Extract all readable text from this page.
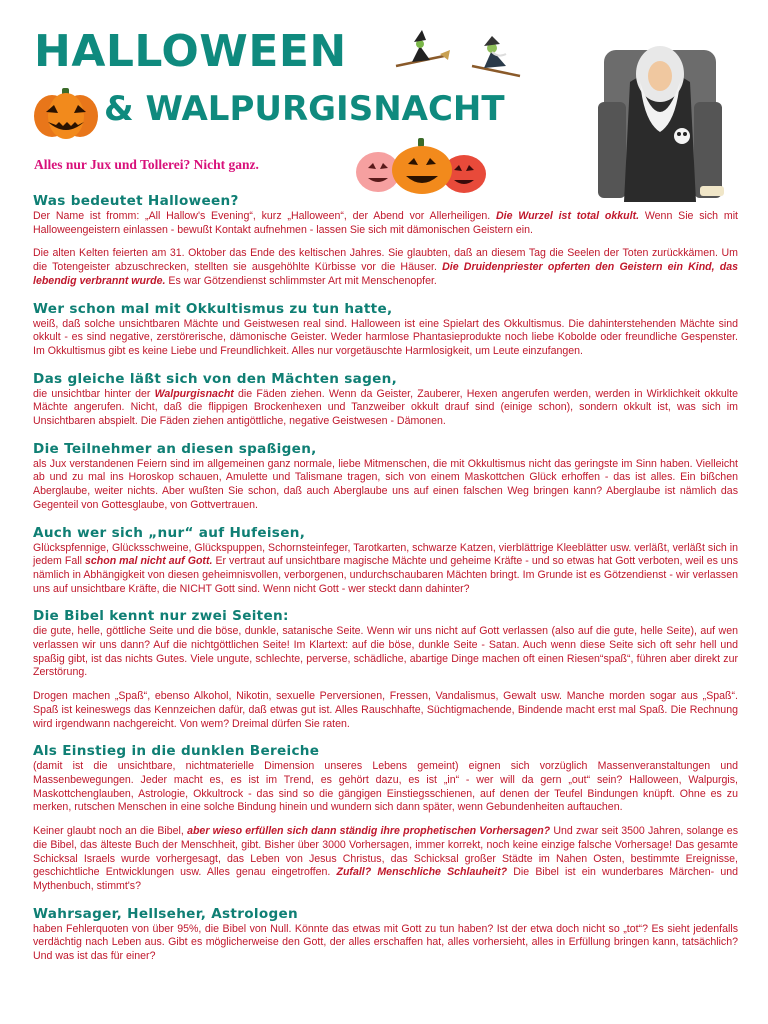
HALLOWEEN
& WALPURGISNACHT

Alles nur Jux und Tollerei? Nicht ganz.

Was bedeutet Halloween?

Der Name ist fromm: „All Hallow's Evening“, kurz „Halloween“, der Abend vor Allerheiligen. Die Wurzel ist total okkult. Wenn Sie sich mit Halloweengeistern einlassen - bewußt Kontakt aufnehmen - lassen Sie sich mit dämonischen Geistern ein.

Die alten Kelten feierten am 31. Oktober das Ende des keltischen Jahres. Sie glaubten, daß an diesem Tag die Seelen der Toten zurückkämen. Um die Totengeister abzuschrecken, stellten sie ausgehöhlte Kürbisse vor die Häuser. Die Druidenpriester opferten den Geistern ein Kind, das lebendig verbrannt wurde. Es war Götzendienst schlimmster Art mit Menschenopfer.

Wer schon mal mit Okkultismus zu tun hatte,

weiß, daß solche unsichtbaren Mächte und Geistwesen real sind. Halloween ist eine Spielart des Okkultismus. Die dahinterstehenden Mächte sind okkult - es sind negative, zerstörerische, dämonische Geister. Weder harmlose Phantasieprodukte noch liebe Kobolde oder freundliche Gespenster. Im Okkultismus gibt es keine Liebe und Freundlichkeit. Alles nur vorgetäuschte Harmlosigkeit, um Leute einzufangen.

Das gleiche läßt sich von den Mächten sagen,

die unsichtbar hinter der Walpurgisnacht die Fäden ziehen. Wenn da Geister, Zauberer, Hexen angerufen werden, werden in Wirklichkeit okkulte Mächte angerufen. Nicht, daß die flippigen Brockenhexen und Tanzweiber okkult drauf sind (einige schon), sondern okkult ist, was sich im Unsichtbaren abspielt. Die Fäden ziehen antigöttliche, negative Geistwesen - Dämonen.

Die Teilnehmer an diesen spaßigen,

als Jux verstandenen Feiern sind im allgemeinen ganz normale, liebe Mitmenschen, die mit Okkultismus nicht das geringste im Sinn haben. Vielleicht ab und zu mal ins Horoskop schauen, Amulette und Talismane tragen, sich von einem Maskottchen Glück erhoffen - das ist alles. Ein bißchen Aberglaube, weiter nichts. Aber wußten Sie schon, daß auch Aberglaube uns auf einen falschen Weg bringen kann? Aberglaube ist nämlich das Gegenteil von Gottesglaube, von Gottvertrauen.

Auch wer sich „nur“ auf Hufeisen,

Glückspfennige, Glücksschweine, Glückspuppen, Schornsteinfeger, Tarotkarten, schwarze Katzen, vierblättrige Kleeblätter usw. verläßt, verläßt sich in jedem Fall schon mal nicht auf Gott. Er vertraut auf unsichtbare magische Mächte und geheime Kräfte - und so etwas hat Gott verboten, weil es uns nämlich in Abhängigkeit von diesen geheimnisvollen, verborgenen, undurchschaubaren Mächten bringt. Im Grunde ist es Götzendienst - wir verlassen uns auf unsichtbare Kräfte, die NICHT Gott sind. Wenn nicht Gott - wer steckt dann dahinter?

Die Bibel kennt nur zwei Seiten:

die gute, helle, göttliche Seite und die böse, dunkle, satanische Seite. Wenn wir uns nicht auf Gott verlassen (also auf die gute, helle Seite), auf wen verlassen wir uns dann? Auf die nichtgöttlichen Seite! Im Klartext: auf die böse, dunkle Seite - Satan. Auch wenn diese Seite sich oft sehr hell und spaßig gibt, ist das nichts Gutes. Viele ungute, schlechte, perverse, schädliche, abartige Dinge machen oft einen Riesen“spaß“, führen aber direkt zur Zerstörung.

Drogen machen „Spaß“, ebenso Alkohol, Nikotin, sexuelle Perversionen, Fressen, Vandalismus, Gewalt usw. Manche morden sogar aus „Spaß“. Spaß ist keineswegs das Kennzeichen dafür, daß etwas gut ist. Alles Rauschhafte, Süchtigmachende, Bindende macht erst mal Spaß. Die Rechnung wird irgendwann nachgereicht. Von wem? Dreimal dürfen Sie raten.

Als Einstieg in die dunklen Bereiche

(damit ist die unsichtbare, nichtmaterielle Dimension unseres Lebens gemeint) eignen sich vorzüglich Massenveranstaltungen und Massenbewegungen. Jeder macht es, es ist im Trend, es gehört dazu, es ist „in“ - wer will da gern „out“ sein? Halloween, Walpurgis, Maskottchenglauben, Astrologie, Okkultrock - das sind so die gängigen Einstiegsschienen, auf denen der Teufel Bindungen knüpft. Ohne es zu merken, rutschen Menschen in eine solche Bindung hinein und wundern sich dann später, wenn Gebundenheiten auftauchen.

Keiner glaubt noch an die Bibel, aber wieso erfüllen sich dann ständig ihre prophetischen Vorhersagen? Und zwar seit 3500 Jahren, solange es die Bibel, das älteste Buch der Menschheit, gibt. Bisher über 3000 Vorhersagen, immer korrekt, noch keine einzige falsche Vorhersage! Das gesamte Schicksal Israels wurde vorhergesagt, das Leben von Jesus Christus, das Schicksal großer Städte im Nahen Osten, bestimmte Ereignisse, geschichtliche Entwicklungen usw. Alles genau eingetroffen. Zufall? Menschliche Schlauheit? Die Bibel ist ein wunderbares Märchen- und Mythenbuch, stimmt's?

Wahrsager, Hellseher, Astrologen

haben Fehlerquoten von über 95%, die Bibel von Null. Könnte das etwas mit Gott zu tun haben? Ist der etwa doch nicht so „tot“? Es sieht jedenfalls verdächtig nach Leben aus. Gibt es möglicherweise den Gott, der alles erschaffen hat, alles vorhersieht, alles in Erfüllung bringen kann, tatsächlich? Und was ist das für einer?
